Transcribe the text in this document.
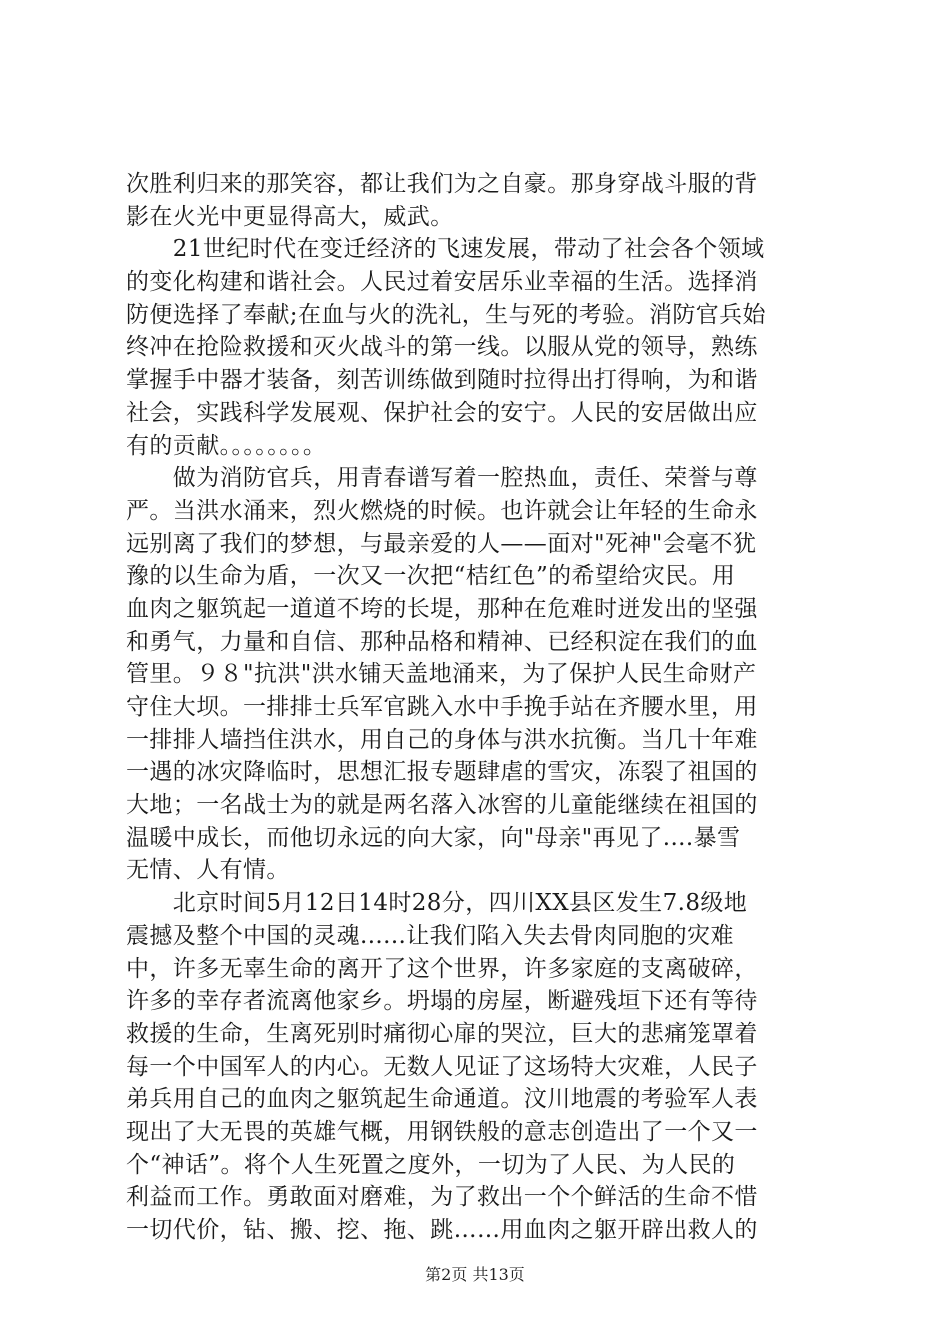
次胜利归来的那笑容，都让我们为之自豪。那身穿战斗服的背
影在火光中更显得高大，威武。
　　21世纪时代在变迁经济的飞速发展，带动了社会各个领域
的变化构建和谐社会。人民过着安居乐业幸福的生活。选择消
防便选择了奉献;在血与火的洗礼，生与死的考验。消防官兵始
终冲在抢险救援和灭火战斗的第一线。以服从党的领导，熟练
掌握手中器才装备，刻苦训练做到随时拉得出打得响，为和谐
社会，实践科学发展观、保护社会的安宁。人民的安居做出应
有的贡献。。。。。。。。
　　做为消防官兵，用青春谱写着一腔热血，责任、荣誉与尊
严。当洪水涌来，烈火燃烧的时候。也许就会让年轻的生命永
远别离了我们的梦想，与最亲爱的人——面对"死神"会毫不犹
豫的以生命为盾，一次又一次把“桔红色”的希望给灾民。用
血肉之躯筑起一道道不垮的长堤，那种在危难时迸发出的坚强
和勇气，力量和自信、那种品格和精神、已经积淀在我们的血
管里。９８"抗洪"洪水铺天盖地涌来，为了保护人民生命财产
守住大坝。一排排士兵军官跳入水中手挽手站在齐腰水里，用
一排排人墙挡住洪水，用自己的身体与洪水抗衡。当几十年难
一遇的冰灾降临时，思想汇报专题肆虐的雪灾，冻裂了祖国的
大地；一名战士为的就是两名落入冰窖的儿童能继续在祖国的
温暖中成长，而他切永远的向大家，向"母亲"再见了....暴雪
无情、人有情。
　　北京时间5月12日14时28分，四川XX县区发生7.8级地
震撼及整个中国的灵魂......让我们陷入失去骨肉同胞的灾难
中，许多无辜生命的离开了这个世界，许多家庭的支离破碎，
许多的幸存者流离他家乡。坍塌的房屋，断避残垣下还有等待
救援的生命，生离死别时痛彻心扉的哭泣，巨大的悲痛笼罩着
每一个中国军人的内心。无数人见证了这场特大灾难，人民子
弟兵用自己的血肉之躯筑起生命通道。汶川地震的考验军人表
现出了大无畏的英雄气概，用钢铁般的意志创造出了一个又一
个“神话”。将个人生死置之度外，一切为了人民、为人民的
利益而工作。勇敢面对磨难，为了救出一个个鲜活的生命不惜
一切代价，钻、搬、挖、拖、跳……用血肉之躯开辟出救人的
第2页 共13页
